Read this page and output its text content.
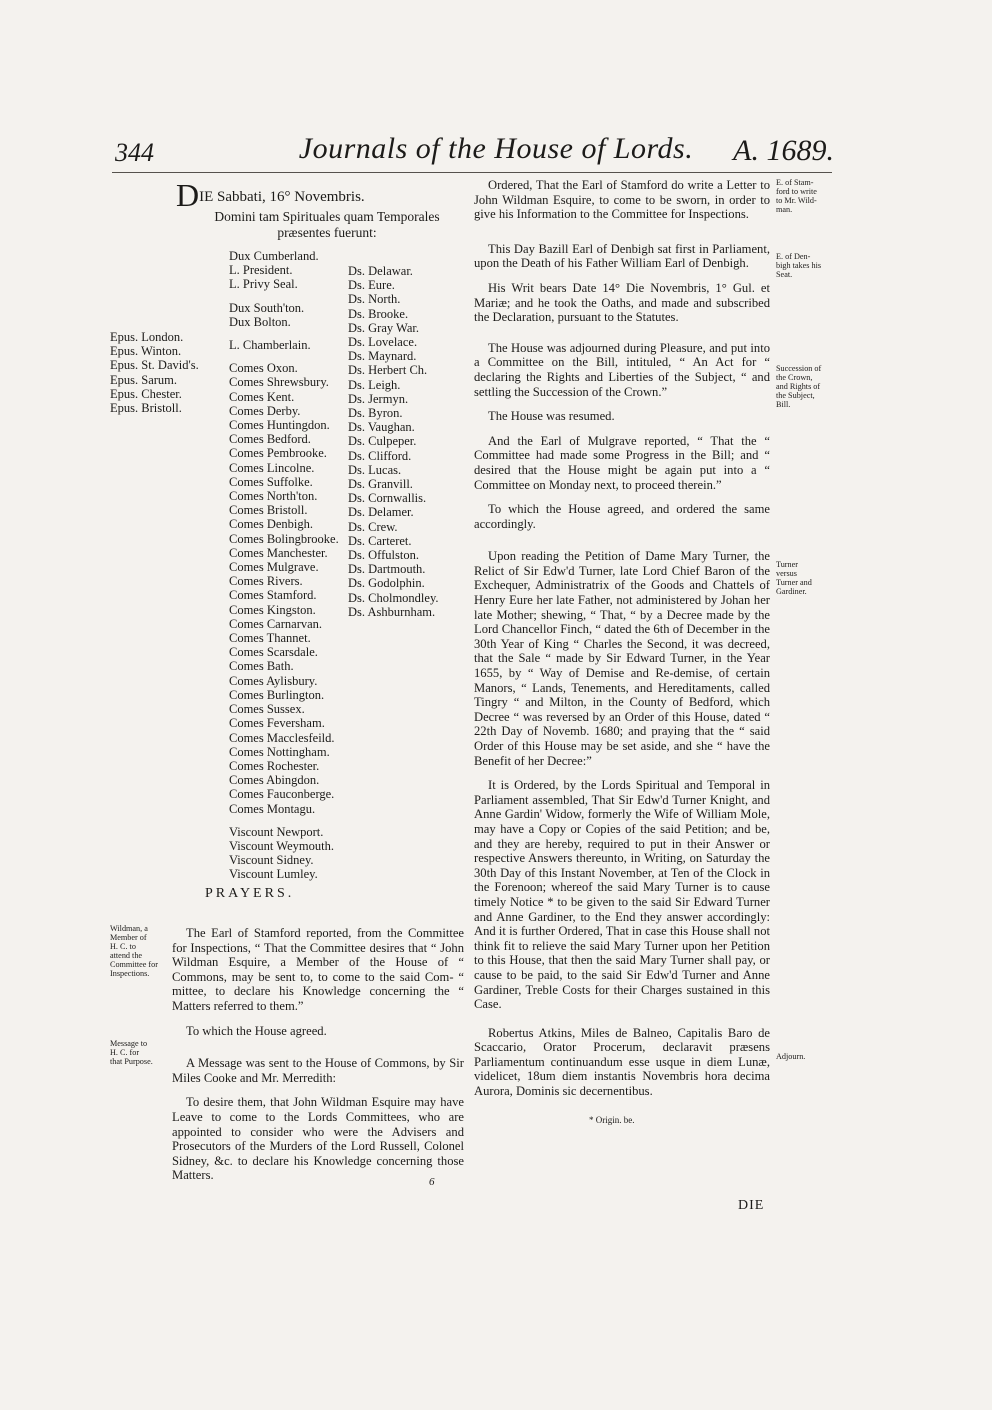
344	Journals of the House of Lords.	A. 1689.
DIE Sabbati, 16° Novembris.
Domini tam Spirituales quam Temporales præsentes fuerunt:
Epus. London.
Epus. Winton.
Epus. St. David's.
Epus. Sarum.
Epus. Chester.
Epus. Bristoll.
Dux Cumberland.
L. President.
L. Privy Seal.
Dux South'ton.
Dux Bolton.
L. Chamberlain.
Comes Oxon.
Comes Shrewsbury.
Comes Kent.
Comes Derby.
Comes Huntingdon.
Comes Bedford.
Comes Pembrooke.
Comes Lincolne.
Comes Suffolke.
Comes North'ton.
Comes Bristoll.
Comes Denbigh.
Comes Bolingbrooke.
Comes Manchester.
Comes Mulgrave.
Comes Rivers.
Comes Stamford.
Comes Kingston.
Comes Carnarvan.
Comes Thannet.
Comes Scarsdale.
Comes Bath.
Comes Aylisbury.
Comes Burlington.
Comes Sussex.
Comes Feversham.
Comes Macclesfeild.
Comes Nottingham.
Comes Rochester.
Comes Abingdon.
Comes Fauconberge.
Comes Montagu.
Viscount Newport.
Viscount Weymouth.
Viscount Sidney.
Viscount Lumley.
Ds. Delawar.
Ds. Eure.
Ds. North.
Ds. Brooke.
Ds. Gray War.
Ds. Lovelace.
Ds. Maynard.
Ds. Herbert Ch.
Ds. Leigh.
Ds. Jermyn.
Ds. Byron.
Ds. Vaughan.
Ds. Culpeper.
Ds. Clifford.
Ds. Lucas.
Ds. Granvill.
Ds. Cornwallis.
Ds. Delamer.
Ds. Crew.
Ds. Carteret.
Ds. Offulston.
Ds. Dartmouth.
Ds. Godolphin.
Ds. Cholmondley.
Ds. Ashburnham.
PRAYERS.

The Earl of Stamford reported, from the Committee for Inspections, “ That the Committee desires that “ John Wildman Esquire, a Member of the House of “ Commons, may be sent to, to come to the said Com- “ mittee, to declare his Knowledge concerning the “ Matters referred to them.”

To which the House agreed.

A Message was sent to the House of Commons, by Sir Miles Cooke and Mr. Merredith:

To desire them, that John Wildman Esquire may have Leave to come to the Lords Committees, who are appointed to consider who were the Advisers and Prosecutors of the Murders of the Lord Russell, Colonel Sidney, &c. to declare his Knowledge concerning those Matters.	6
Wildman, a
Member of
H. C. to
attend the
Committee for
Inspections.
Message to
H. C. for
that Purpose.

Ordered, That the Earl of Stamford do write a Letter to John Wildman Esquire, to come to be sworn, in order to give his Information to the Committee for Inspections.

This Day Bazill Earl of Denbigh sat first in Parliament, upon the Death of his Father William Earl of Denbigh.

His Writ bears Date 14° Die Novembris, 1° Gul. et Mariæ; and he took the Oaths, and made and subscribed the Declaration, pursuant to the Statutes.

The House was adjourned during Pleasure, and put into a Committee on the Bill, intituled, “ An Act for “ declaring the Rights and Liberties of the Subject, “ and settling the Succession of the Crown.”

The House was resumed.

And the Earl of Mulgrave reported, “ That the “ Committee had made some Progress in the Bill; and “ desired that the House might be again put into a “ Committee on Monday next, to proceed therein.”

To which the House agreed, and ordered the same accordingly.

Upon reading the Petition of Dame Mary Turner, the Relict of Sir Edw'd Turner, late Lord Chief Baron of the Exchequer, Administratrix of the Goods and Chattels of Henry Eure her late Father, not administered by Johan her late Mother; shewing, “ That, “ by a Decree made by the Lord Chancellor Finch, “ dated the 6th of December in the 30th Year of King “ Charles the Second, it was decreed, that the Sale “ made by Sir Edward Turner, in the Year 1655, by “ Way of Demise and Re-demise, of certain Manors, “ Lands, Tenements, and Hereditaments, called Tingry “ and Milton, in the County of Bedford, which Decree “ was reversed by an Order of this House, dated “ 22th Day of Novemb. 1680; and praying that the “ said Order of this House may be set aside, and she “ have the Benefit of her Decree:”

It is Ordered, by the Lords Spiritual and Temporal in Parliament assembled, That Sir Edw'd Turner Knight, and Anne Gardin' Widow, formerly the Wife of William Mole, may have a Copy or Copies of the said Petition; and be, and they are hereby, required to put in their Answer or respective Answers thereunto, in Writing, on Saturday the 30th Day of this Instant November, at Ten of the Clock in the Forenoon; whereof the said Mary Turner is to cause timely Notice * to be given to the said Sir Edward Turner and Anne Gardiner, to the End they answer accordingly: And it is further Ordered, That in case this House shall not think fit to relieve the said Mary Turner upon her Petition to this House, that then the said Mary Turner shall pay, or cause to be paid, to the said Sir Edw'd Turner and Anne Gardiner, Treble Costs for their Charges sustained in this Case.

Robertus Atkins, Miles de Balneo, Capitalis Baro de Scaccario, Orator Procerum, declaravit præsens Parliamentum continuandum esse usque in diem Lunæ, videlicet, 18um diem instantis Novembris hora decima Aurora, Dominis sic decernentibus.

E. of Stam-
ford to write
to Mr. Wild-
man.
E. of Den-
bigh takes his
Seat.
Succession of
the Crown,
and Rights of
the Subject,
Bill.
Turner
versus
Turner and
Gardiner.
Adjourn.
* Origin. be.
DIE
